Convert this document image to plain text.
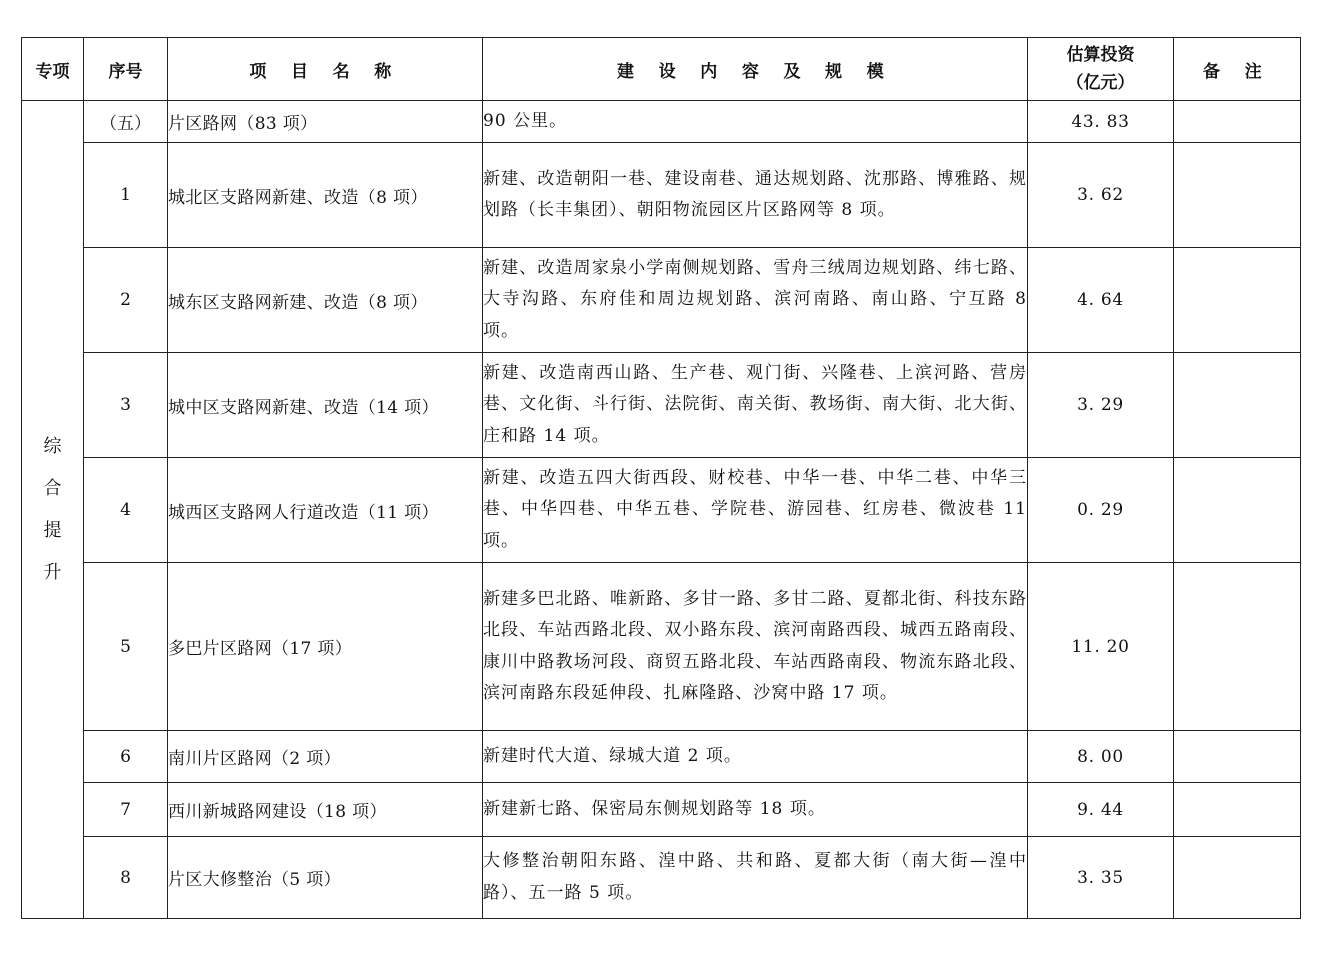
专项	序号	项 目 名 称	建 设 内 容 及 规 模	估算投资
（亿元）	备 注

综
合
提
升	（五）	片区路网（83 项）	90 公里。	43. 83	
	1	城北区支路网新建、改造（8 项）	新建、改造朝阳一巷、建设南巷、通达规划路、沈那路、博雅路、规划路（长丰集团）、朝阳物流园区片区路网等 8 项。	3. 62	
	2	城东区支路网新建、改造（8 项）	新建、改造周家泉小学南侧规划路、雪舟三绒周边规划路、纬七路、大寺沟路、东府佳和周边规划路、滨河南路、南山路、宁互路 8 项。	4. 64	
	3	城中区支路网新建、改造（14 项）	新建、改造南西山路、生产巷、观门街、兴隆巷、上滨河路、营房巷、文化街、斗行街、法院街、南关街、教场街、南大街、北大街、庄和路 14 项。	3. 29	
	4	城西区支路网人行道改造（11 项）	新建、改造五四大街西段、财校巷、中华一巷、中华二巷、中华三巷、中华四巷、中华五巷、学院巷、游园巷、红房巷、微波巷 11 项。	0. 29	
	5	多巴片区路网（17 项）	新建多巴北路、唯新路、多甘一路、多甘二路、夏都北街、科技东路北段、车站西路北段、双小路东段、滨河南路西段、城西五路南段、康川中路教场河段、商贸五路北段、车站西路南段、物流东路北段、滨河南路东段延伸段、扎麻隆路、沙窝中路 17 项。	11. 20	
	6	南川片区路网（2 项）	新建时代大道、绿城大道 2 项。	8. 00	
	7	西川新城路网建设（18 项）	新建新七路、保密局东侧规划路等 18 项。	9. 44	
	8	片区大修整治（5 项）	大修整治朝阳东路、湟中路、共和路、夏都大街（南大街—湟中路）、五一路 5 项。	3. 35	
